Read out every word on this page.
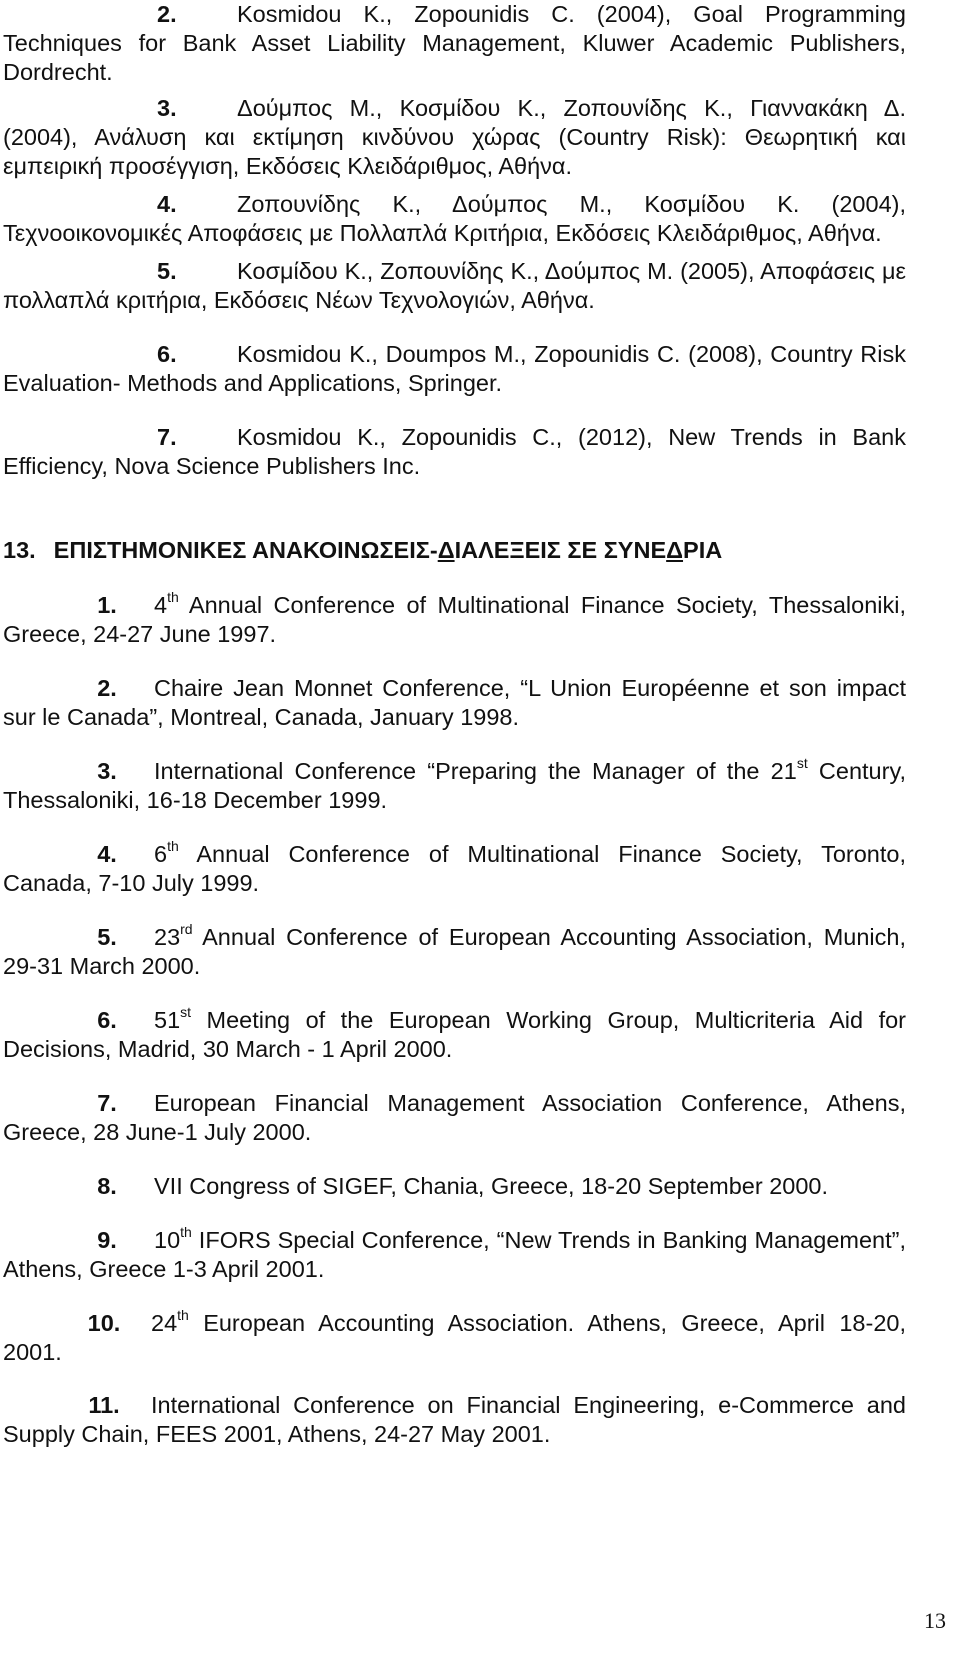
2.	Kosmidou K., Zopounidis C. (2004), Goal Programming Techniques for Bank Asset Liability Management, Kluwer Academic Publishers, Dordrecht.
3.	Δούμπος Μ., Κοσμίδου Κ., Ζοπουνίδης Κ., Γιαννακάκη Δ. (2004), Ανάλυση και εκτίμηση κινδύνου χώρας (Country Risk): Θεωρητική και εμπειρική προσέγγιση, Εκδόσεις Κλειδάριθμος, Αθήνα.
4.	Ζοπουνίδης Κ., Δούμπος Μ., Κοσμίδου Κ. (2004), Τεχνοοικονομικές Αποφάσεις με Πολλαπλά Κριτήρια, Εκδόσεις Κλειδάριθμος, Αθήνα.
5.	Κοσμίδου Κ., Ζοπουνίδης Κ., Δούμπος Μ. (2005), Αποφάσεις με πολλαπλά κριτήρια, Εκδόσεις Νέων Τεχνολογιών, Αθήνα.
6.	Kosmidou K., Doumpos M., Zopounidis C. (2008), Country Risk Evaluation- Methods and Applications, Springer.
7.	Kosmidou K., Zopounidis C., (2012), New Trends in Bank Efficiency, Nova Science Publishers Inc.
13. ΕΠΙΣΤΗΜΟΝΙΚΕΣ ΑΝΑΚΟΙΝΩΣΕΙΣ-ΔΙΑΛΕΞΕΙΣ ΣΕ ΣΥΝΕΔΡΙΑ
1. 4th Annual Conference of Multinational Finance Society, Thessaloniki, Greece, 24-27 June 1997.
2. Chaire Jean Monnet Conference, “L Union Européenne et son impact sur le Canada”, Montreal, Canada, January 1998.
3. International Conference “Preparing the Manager of the 21st Century, Thessaloniki, 16-18 December 1999.
4. 6th Annual Conference of Multinational Finance Society, Toronto, Canada, 7-10 July 1999.
5. 23rd Annual Conference of European Accounting Association, Munich, 29-31 March 2000.
6. 51st Meeting of the European Working Group, Multicriteria Aid for Decisions, Madrid, 30 March - 1 April 2000.
7. European Financial Management Association Conference, Athens, Greece, 28 June-1 July 2000.
8. VII Congress of SIGEF, Chania, Greece, 18-20 September 2000.
9. 10th IFORS Special Conference, “New Trends in Banking Management”, Athens, Greece 1-3 April 2001.
10. 24th European Accounting Association. Athens, Greece, April 18-20, 2001.
11. International Conference on Financial Engineering, e-Commerce and Supply Chain, FEES 2001, Athens, 24-27 May 2001.
13
